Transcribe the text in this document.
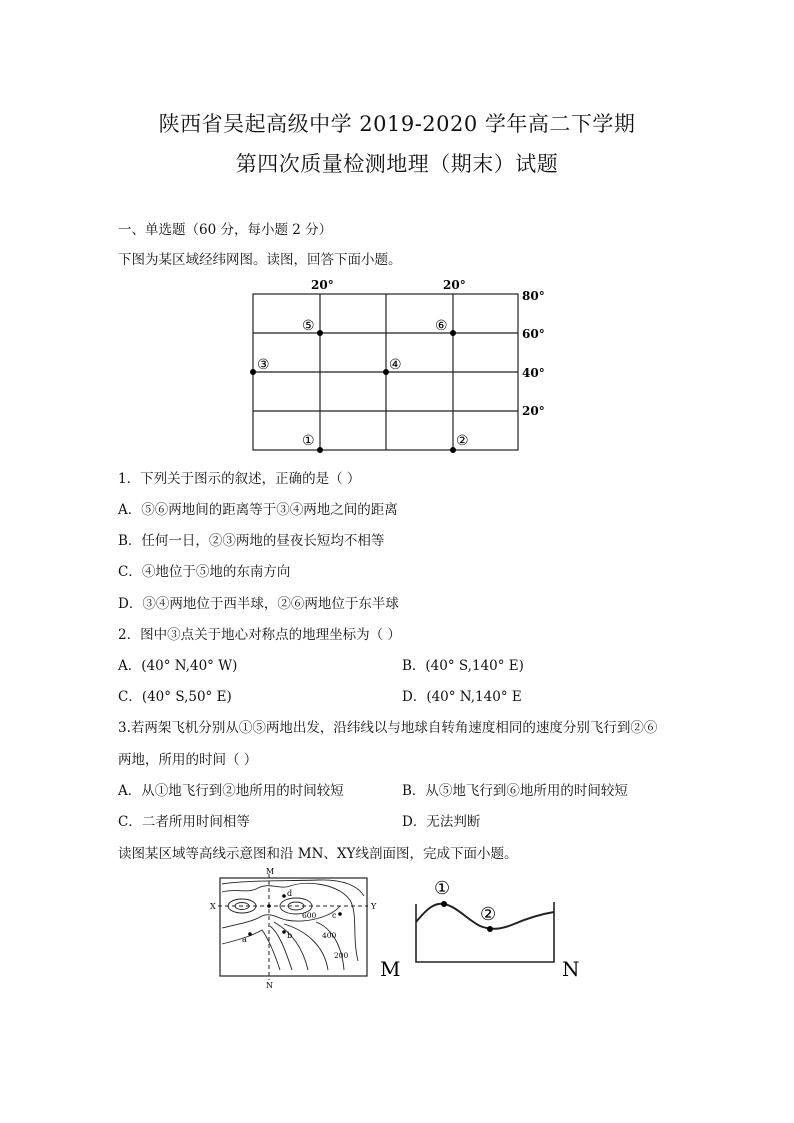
陕西省吴起高级中学 2019-2020 学年高二下学期
第四次质量检测地理（期末）试题
一、单选题（60 分，每小题 2 分）
下图为某区域经纬网图。读图，回答下面小题。
20°	20°
80°
60°
40°
20°
⑤	⑥
③	④
①	②
1．下列关于图示的叙述，正确的是（ ）
A．⑤⑥两地间的距离等于③④两地之间的距离
B．任何一日，②③两地的昼夜长短均不相等
C．④地位于⑤地的东南方向
D．③④两地位于西半球，②⑥两地位于东半球
2．图中③点关于地心对称点的地理坐标为（ ）
A．(40° N,40° W)	B．(40° S,140° E)
C．(40° S,50° E)	D．(40° N,140° E
3.若两架飞机分别从①⑤两地出发，沿纬线以与地球自转角速度相同的速度分别飞行到②⑥
两地，所用的时间（ ）
A．从①地飞行到②地所用的时间较短	B．从⑤地飞行到⑥地所用的时间较短
C．二者所用时间相等	D．无法判断
读图某区域等高线示意图和沿 MN、XY线剖面图，完成下面小题。
M
N
X	Y
a	b
c
d
600
400
200
①
②
M	N
